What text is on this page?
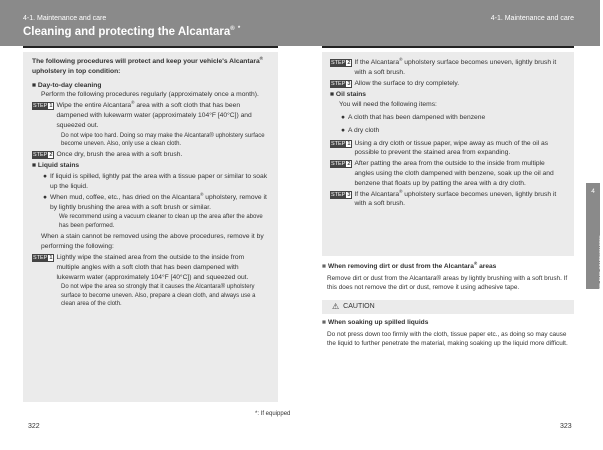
4-1. Maintenance and care
Cleaning and protecting the Alcantara® *
4-1. Maintenance and care
The following procedures will protect and keep your vehicle's Alcantara® upholstery in top condition:
■ Day-to-day cleaning
Perform the following procedures regularly (approximately once a month).
STEP 1 Wipe the entire Alcantara® area with a soft cloth that has been dampened with lukewarm water (approximately 104°F [40°C]) and squeezed out.
Do not wipe too hard. Doing so may make the Alcantara® upholstery surface become uneven. Also, only use a clean cloth.
STEP 2 Once dry, brush the area with a soft brush.
■ Liquid stains
● If liquid is spilled, lightly pat the area with a tissue paper or similar to soak up the liquid.
● When mud, coffee, etc., has dried on the Alcantara® upholstery, remove it by lightly brushing the area with a soft brush or similar.
We recommend using a vacuum cleaner to clean up the area after the above has been performed.
When a stain cannot be removed using the above procedures, remove it by performing the following:
STEP 1 Lightly wipe the stained area from the outside to the inside from multiple angles with a soft cloth that has been dampened with lukewarm water (approximately 104°F [40°C]) and squeezed out.
Do not wipe the area so strongly that it causes the Alcantara® upholstery surface to become uneven. Also, prepare a clean cloth, and always use a clean area of the cloth.
*: If equipped
322
STEP 2 If the Alcantara® upholstery surface becomes uneven, lightly brush it with a soft brush.
STEP 3 Allow the surface to dry completely.
■ Oil stains
You will need the following items:
● A cloth that has been dampened with benzene
● A dry cloth
STEP 1 Using a dry cloth or tissue paper, wipe away as much of the oil as possible to prevent the stained area from expanding.
STEP 2 After patting the area from the outside to the inside from multiple angles using the cloth dampened with benzene, soak up the oil and benzene that floats up by patting the area with a dry cloth.
STEP 3 If the Alcantara® upholstery surface becomes uneven, lightly brush it with a soft brush.
■ When removing dirt or dust from the Alcantara® areas
Remove dirt or dust from the Alcantara® areas by lightly brushing with a soft brush. If this does not remove the dirt or dust, remove it using adhesive tape.
⚠ CAUTION
■ When soaking up spilled liquids
Do not press down too firmly with the cloth, tissue paper etc., as doing so may cause the liquid to further penetrate the material, making soaking up the liquid more difficult.
323
4
Maintenance and care
